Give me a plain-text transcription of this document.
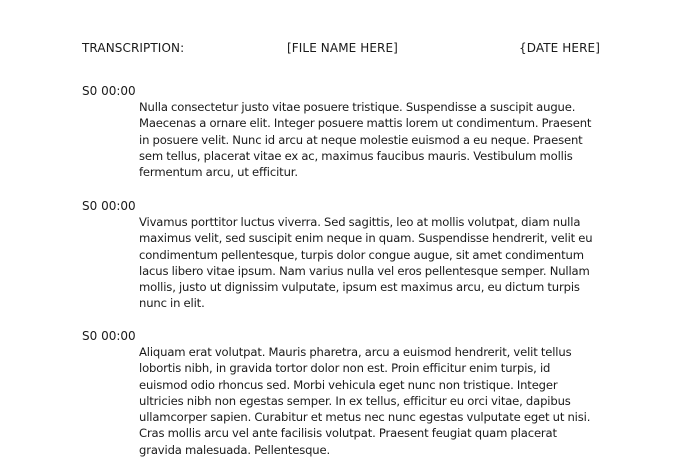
TRANSCRIPTION:	[FILE NAME HERE]	{DATE HERE]
S0 00:00
Nulla consectetur justo vitae posuere tristique. Suspendisse a suscipit augue. Maecenas a ornare elit. Integer posuere mattis lorem ut condimentum. Praesent in posuere velit. Nunc id arcu at neque molestie euismod a eu neque. Praesent sem tellus, placerat vitae ex ac, maximus faucibus mauris. Vestibulum mollis fermentum arcu, ut efficitur.
S0 00:00
Vivamus porttitor luctus viverra. Sed sagittis, leo at mollis volutpat, diam nulla maximus velit, sed suscipit enim neque in quam. Suspendisse hendrerit, velit eu condimentum pellentesque, turpis dolor congue augue, sit amet condimentum lacus libero vitae ipsum. Nam varius nulla vel eros pellentesque semper. Nullam mollis, justo ut dignissim vulputate, ipsum est maximus arcu, eu dictum turpis nunc in elit.
S0 00:00
Aliquam erat volutpat. Mauris pharetra, arcu a euismod hendrerit, velit tellus lobortis nibh, in gravida tortor dolor non est. Proin efficitur enim turpis, id euismod odio rhoncus sed. Morbi vehicula eget nunc non tristique. Integer ultricies nibh non egestas semper. In ex tellus, efficitur eu orci vitae, dapibus ullamcorper sapien. Curabitur et metus nec nunc egestas vulputate eget ut nisi. Cras mollis arcu vel ante facilisis volutpat. Praesent feugiat quam placerat gravida malesuada. Pellentesque.
